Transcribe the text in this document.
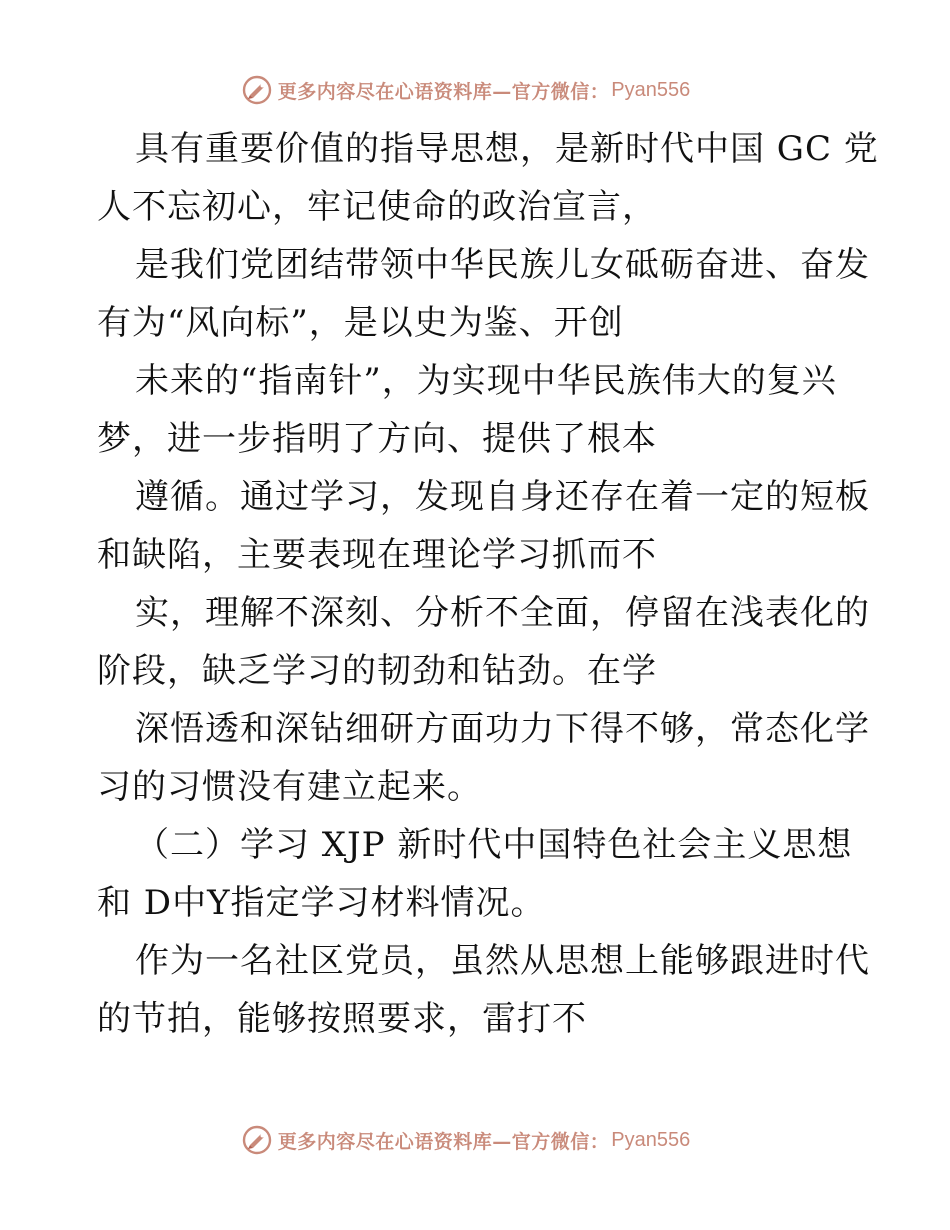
更多内容尽在心语资料库—官方微信： Pyan556

具有重要价值的指导思想，是新时代中国 GC 党
人不忘初心，牢记使命的政治宣言，

是我们党团结带领中华民族儿女砥砺奋进、奋发
有为“风向标”，是以史为鉴、开创

未来的“指南针”，为实现中华民族伟大的复兴
梦，进一步指明了方向、提供了根本

遵循。通过学习，发现自身还存在着一定的短板
和缺陷，主要表现在理论学习抓而不

实，理解不深刻、分析不全面，停留在浅表化的
阶段，缺乏学习的韧劲和钻劲。在学

深悟透和深钻细研方面功力下得不够，常态化学
习的习惯没有建立起来。

（二）学习 XJP 新时代中国特色社会主义思想
和 D中Y指定学习材料情况。

作为一名社区党员，虽然从思想上能够跟进时代
的节拍，能够按照要求，雷打不

更多内容尽在心语资料库—官方微信： Pyan556
